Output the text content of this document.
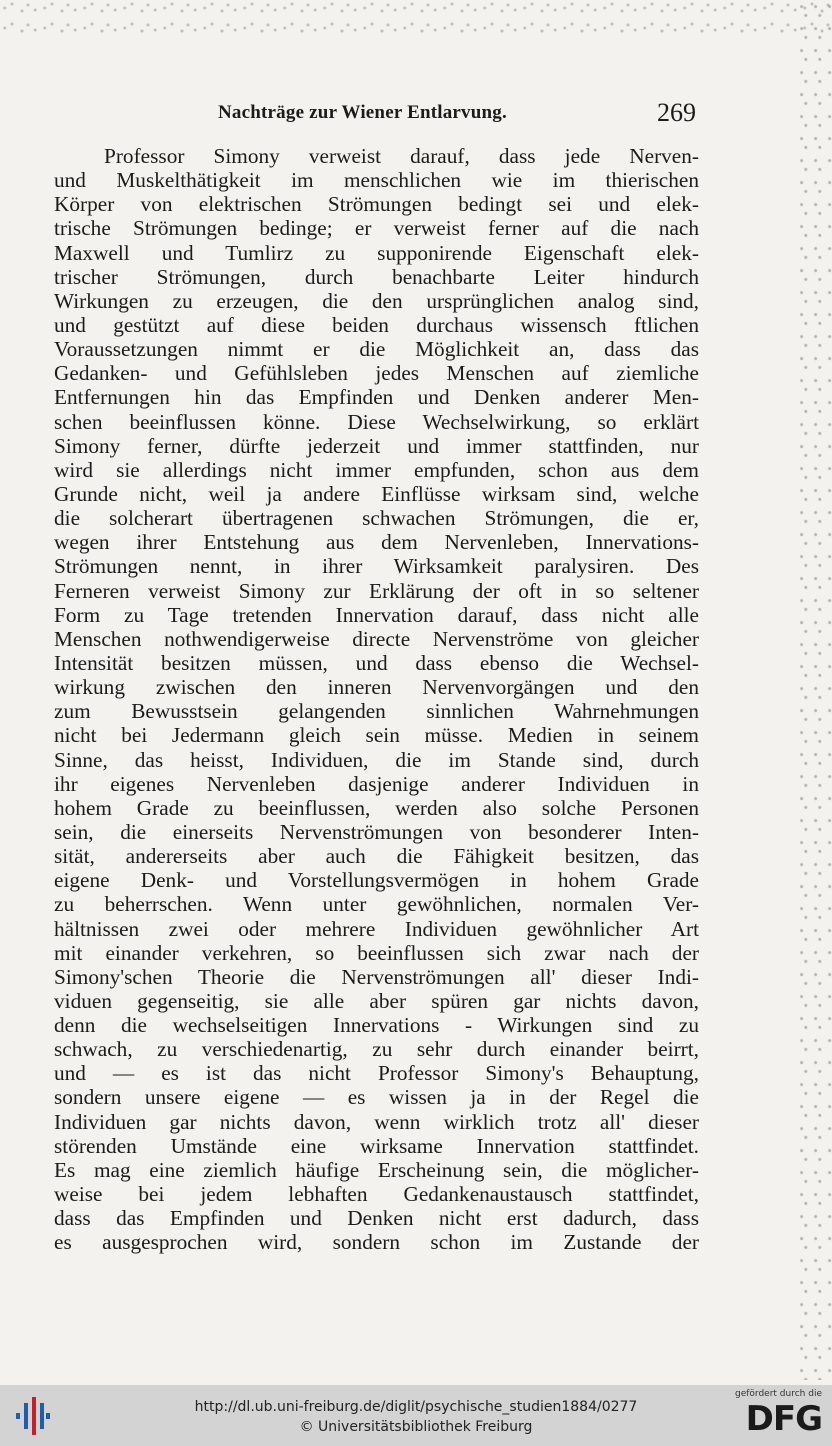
Nachträge zur Wiener Entlarvung.	269
Professor Simony verweist darauf, dass jede Nerven-
und Muskelthätigkeit im menschlichen wie im thierischen
Körper von elektrischen Strömungen bedingt sei und elek-
trische Strömungen bedinge; er verweist ferner auf die nach
Maxwell und Tumlirz zu supponirende Eigenschaft elek-
trischer Strömungen, durch benachbarte Leiter hindurch
Wirkungen zu erzeugen, die den ursprünglichen analog sind,
und gestützt auf diese beiden durchaus wissensch ftlichen
Voraussetzungen nimmt er die Möglichkeit an, dass das
Gedanken- und Gefühlsleben jedes Menschen auf ziemliche
Entfernungen hin das Empfinden und Denken anderer Men-
schen beeinflussen könne. Diese Wechselwirkung, so erklärt
Simony ferner, dürfte jederzeit und immer stattfinden, nur
wird sie allerdings nicht immer empfunden, schon aus dem
Grunde nicht, weil ja andere Einflüsse wirksam sind, welche
die solcherart übertragenen schwachen Strömungen, die er,
wegen ihrer Entstehung aus dem Nervenleben, Innervations-
Strömungen nennt, in ihrer Wirksamkeit paralysiren. Des
Ferneren verweist Simony zur Erklärung der oft in so seltener
Form zu Tage tretenden Innervation darauf, dass nicht alle
Menschen nothwendigerweise directe Nervenströme von gleicher
Intensität besitzen müssen, und dass ebenso die Wechsel-
wirkung zwischen den inneren Nervenvorgängen und den
zum Bewusstsein gelangenden sinnlichen Wahrnehmungen
nicht bei Jedermann gleich sein müsse. Medien in seinem
Sinne, das heisst, Individuen, die im Stande sind, durch
ihr eigenes Nervenleben dasjenige anderer Individuen in
hohem Grade zu beeinflussen, werden also solche Personen
sein, die einerseits Nervenströmungen von besonderer Inten-
sität, andererseits aber auch die Fähigkeit besitzen, das
eigene Denk- und Vorstellungsvermögen in hohem Grade
zu beherrschen. Wenn unter gewöhnlichen, normalen Ver-
hältnissen zwei oder mehrere Individuen gewöhnlicher Art
mit einander verkehren, so beeinflussen sich zwar nach der
Simony'schen Theorie die Nervenströmungen all' dieser Indi-
viduen gegenseitig, sie alle aber spüren gar nichts davon,
denn die wechselseitigen Innervations - Wirkungen sind zu
schwach, zu verschiedenartig, zu sehr durch einander beirrt,
und — es ist das nicht Professor Simony's Behauptung,
sondern unsere eigene — es wissen ja in der Regel die
Individuen gar nichts davon, wenn wirklich trotz all' dieser
störenden Umstände eine wirksame Innervation stattfindet.
Es mag eine ziemlich häufige Erscheinung sein, die möglicher-
weise bei jedem lebhaften Gedankenaustausch stattfindet,
dass das Empfinden und Denken nicht erst dadurch, dass
es ausgesprochen wird, sondern schon im Zustande der
http://dl.ub.uni-freiburg.de/diglit/psychische_studien1884/0277
© Universitätsbibliothek Freiburg
gefördert durch die
DFG
